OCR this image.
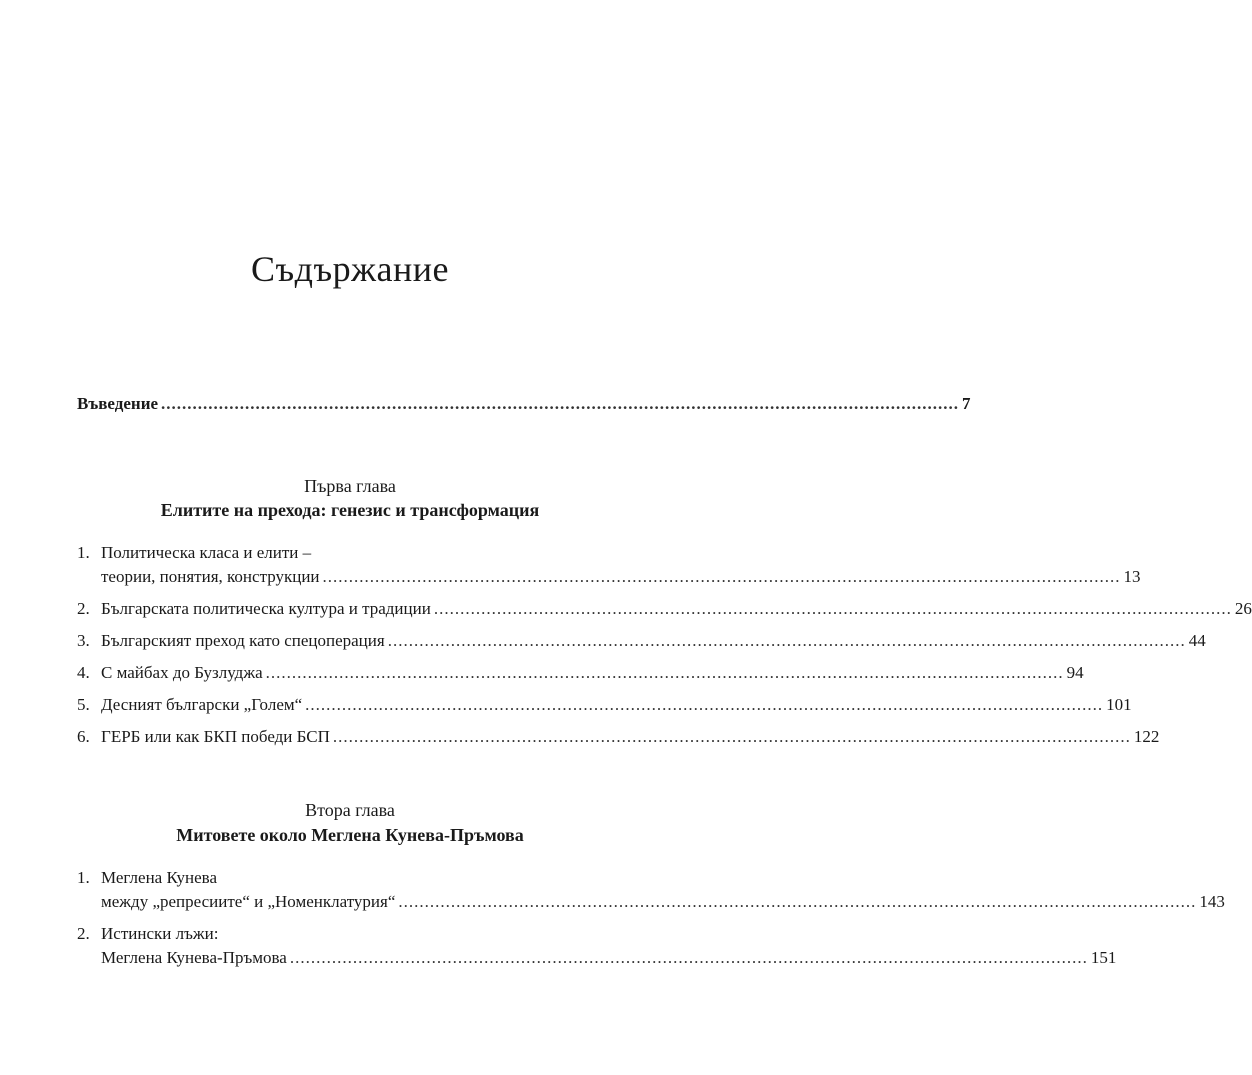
Съдържание
Въведение ........................................................................................................................................................ 7
Първа глава
Елитите на прехода: генезис и трансформация
1. Политическа класа и елити –
теории, понятия, конструкции ........................................................................................................................................................ 13
2. Българската политическа култура и традиции ........................................................................................................................................................ 26
3. Българският преход като спецоперация ........................................................................................................................................................ 44
4. С майбах до Бузлуджа ........................................................................................................................................................ 94
5. Десният български „Голем“ ........................................................................................................................................................ 101
6. ГЕРБ или как БКП победи БСП ........................................................................................................................................................ 122
Втора глава
Митовете около Меглена Кунева-Пръмова
1. Меглена Кунева
между „репресиите“ и „Номенклатурия“ ........................................................................................................................................................ 143
2. Истински лъжи:
Меглена Кунева-Пръмова ........................................................................................................................................................ 151
